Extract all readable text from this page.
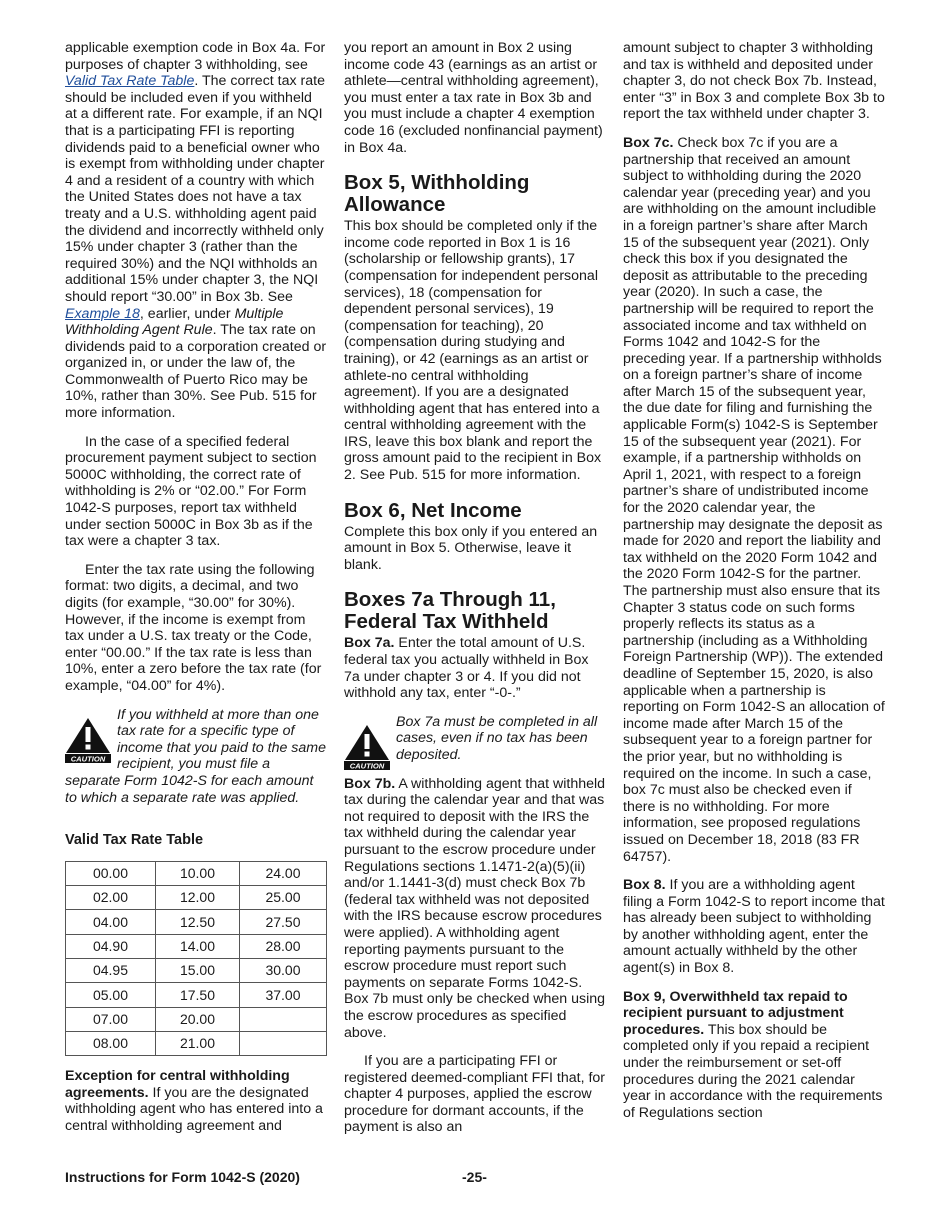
applicable exemption code in Box 4a. For purposes of chapter 3 withholding, see Valid Tax Rate Table. The correct tax rate should be included even if you withheld at a different rate. For example, if an NQI that is a participating FFI is reporting dividends paid to a beneficial owner who is exempt from withholding under chapter 4 and a resident of a country with which the United States does not have a tax treaty and a U.S. withholding agent paid the dividend and incorrectly withheld only 15% under chapter 3 (rather than the required 30%) and the NQI withholds an additional 15% under chapter 3, the NQI should report “30.00” in Box 3b. See Example 18, earlier, under Multiple Withholding Agent Rule. The tax rate on dividends paid to a corporation created or organized in, or under the law of, the Commonwealth of Puerto Rico may be 10%, rather than 30%. See Pub. 515 for more information.

In the case of a specified federal procurement payment subject to section 5000C withholding, the correct rate of withholding is 2% or “02.00.” For Form 1042-S purposes, report tax withheld under section 5000C in Box 3b as if the tax were a chapter 3 tax.

Enter the tax rate using the following format: two digits, a decimal, and two digits (for example, “30.00” for 30%). However, if the income is exempt from tax under a U.S. tax treaty or the Code, enter “00.00.” If the tax rate is less than 10%, enter a zero before the tax rate (for example, “04.00” for 4%).

CAUTION
If you withheld at more than one tax rate for a specific type of income that you paid to the same recipient, you must file a separate Form 1042-S for each amount to which a separate rate was applied.
Valid Tax Rate Table
00.00	10.00	24.00
02.00	12.00	25.00
04.00	12.50	27.50
04.90	14.00	28.00
04.95	15.00	30.00
05.00	17.50	37.00
07.00	20.00	
08.00	21.00	

Exception for central withholding agreements. If you are the designated withholding agent who has entered into a central withholding agreement and

you report an amount in Box 2 using income code 43 (earnings as an artist or athlete—central withholding agreement), you must enter a tax rate in Box 3b and you must include a chapter 4 exemption code 16 (excluded nonfinancial payment) in Box 4a.

Box 5, Withholding Allowance

This box should be completed only if the income code reported in Box 1 is 16 (scholarship or fellowship grants), 17 (compensation for independent personal services), 18 (compensation for dependent personal services), 19 (compensation for teaching), 20 (compensation during studying and training), or 42 (earnings as an artist or athlete-no central withholding agreement). If you are a designated withholding agent that has entered into a central withholding agreement with the IRS, leave this box blank and report the gross amount paid to the recipient in Box 2. See Pub. 515 for more information.

Box 6, Net Income

Complete this box only if you entered an amount in Box 5. Otherwise, leave it blank.

Boxes 7a Through 11, Federal Tax Withheld

Box 7a. Enter the total amount of U.S. federal tax you actually withheld in Box 7a under chapter 3 or 4. If you did not withhold any tax, enter “-0-.”

CAUTION
Box 7a must be completed in all cases, even if no tax has been deposited.

Box 7b. A withholding agent that withheld tax during the calendar year and that was not required to deposit with the IRS the tax withheld during the calendar year pursuant to the escrow procedure under Regulations sections 1.1471-2(a)(5)(ii) and/or 1.1441-3(d) must check Box 7b (federal tax withheld was not deposited with the IRS because escrow procedures were applied). A withholding agent reporting payments pursuant to the escrow procedure must report such payments on separate Forms 1042-S. Box 7b must only be checked when using the escrow procedures as specified above.

If you are a participating FFI or registered deemed-compliant FFI that, for chapter 4 purposes, applied the escrow procedure for dormant accounts, if the payment is also an

amount subject to chapter 3 withholding and tax is withheld and deposited under chapter 3, do not check Box 7b. Instead, enter “3” in Box 3 and complete Box 3b to report the tax withheld under chapter 3.

Box 7c. Check box 7c if you are a partnership that received an amount subject to withholding during the 2020 calendar year (preceding year) and you are withholding on the amount includible in a foreign partner’s share after March 15 of the subsequent year (2021). Only check this box if you designated the deposit as attributable to the preceding year (2020). In such a case, the partnership will be required to report the associated income and tax withheld on Forms 1042 and 1042-S for the preceding year. If a partnership withholds on a foreign partner’s share of income after March 15 of the subsequent year, the due date for filing and furnishing the applicable Form(s) 1042-S is September 15 of the subsequent year (2021). For example, if a partnership withholds on April 1, 2021, with respect to a foreign partner’s share of undistributed income for the 2020 calendar year, the partnership may designate the deposit as made for 2020 and report the liability and tax withheld on the 2020 Form 1042 and the 2020 Form 1042-S for the partner. The partnership must also ensure that its Chapter 3 status code on such forms properly reflects its status as a partnership (including as a Withholding Foreign Partnership (WP)). The extended deadline of September 15, 2020, is also applicable when a partnership is reporting on Form 1042-S an allocation of income made after March 15 of the subsequent year to a foreign partner for the prior year, but no withholding is required on the income. In such a case, box 7c must also be checked even if there is no withholding. For more information, see proposed regulations issued on December 18, 2018 (83 FR 64757).

Box 8. If you are a withholding agent filing a Form 1042-S to report income that has already been subject to withholding by another withholding agent, enter the amount actually withheld by the other agent(s) in Box 8.

Box 9, Overwithheld tax repaid to recipient pursuant to adjustment procedures. This box should be completed only if you repaid a recipient under the reimbursement or set-off procedures during the 2021 calendar year in accordance with the requirements of Regulations section

Instructions for Form 1042-S (2020)	-25-
